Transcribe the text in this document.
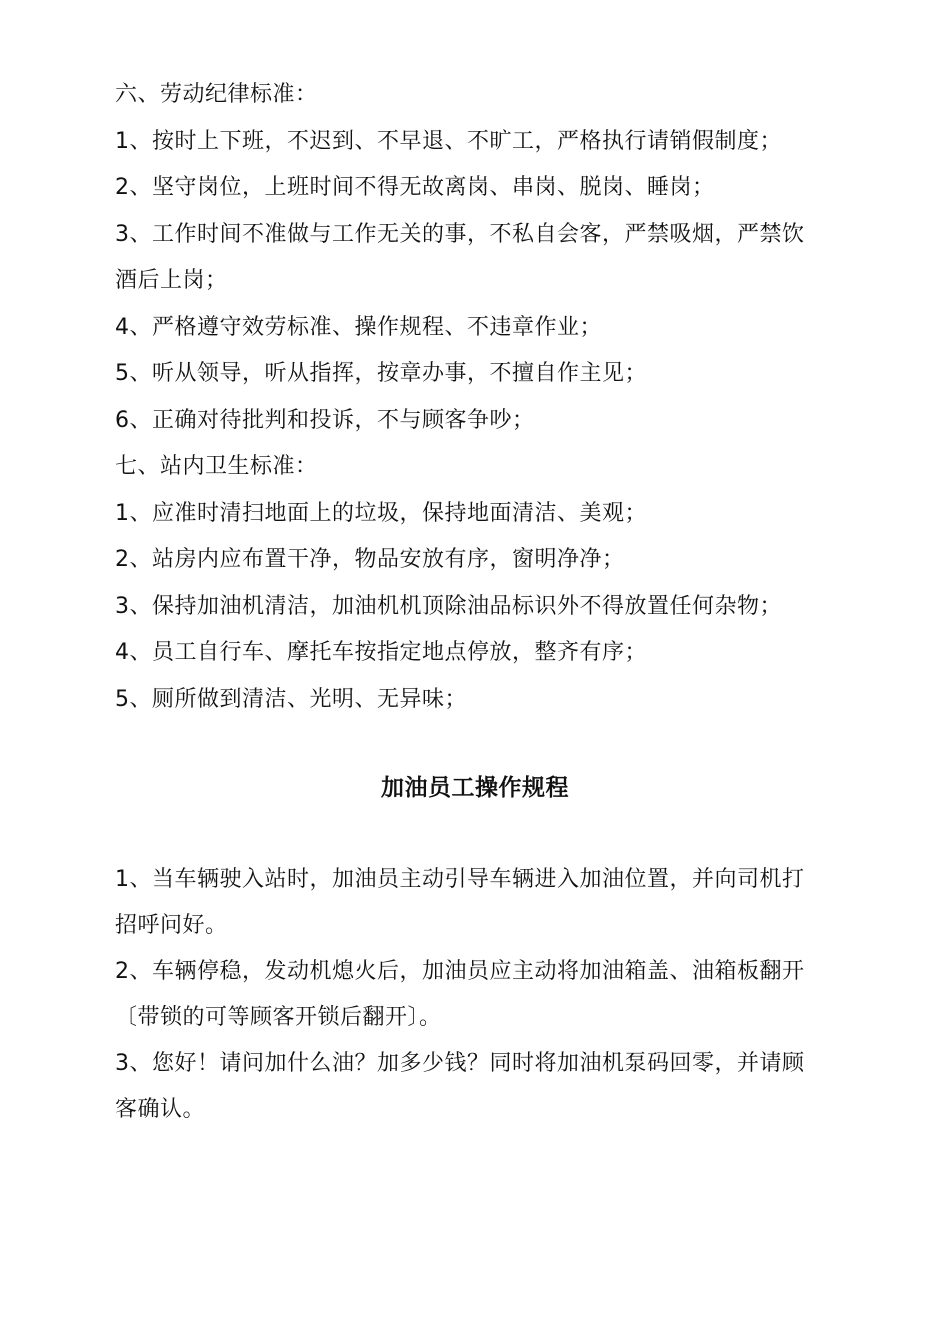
六、劳动纪律标准：
1、按时上下班，不迟到、不早退、不旷工，严格执行请销假制度；
2、坚守岗位，上班时间不得无故离岗、串岗、脱岗、睡岗；
3、工作时间不准做与工作无关的事，不私自会客，严禁吸烟，严禁饮
酒后上岗；
4、严格遵守效劳标准、操作规程、不违章作业；
5、听从领导，听从指挥，按章办事，不擅自作主见；
6、正确对待批判和投诉，不与顾客争吵；
七、站内卫生标准：
1、应准时清扫地面上的垃圾，保持地面清洁、美观；
2、站房内应布置干净，物品安放有序，窗明净净；
3、保持加油机清洁，加油机机顶除油品标识外不得放置任何杂物；
4、员工自行车、摩托车按指定地点停放，整齐有序；
5、厕所做到清洁、光明、无异味；
加油员工操作规程
1、当车辆驶入站时，加油员主动引导车辆进入加油位置，并向司机打
招呼问好。
2、车辆停稳，发动机熄火后，加油员应主动将加油箱盖、油箱板翻开
〔带锁的可等顾客开锁后翻开〕。
3、您好！请问加什么油？加多少钱？同时将加油机泵码回零，并请顾
客确认。
